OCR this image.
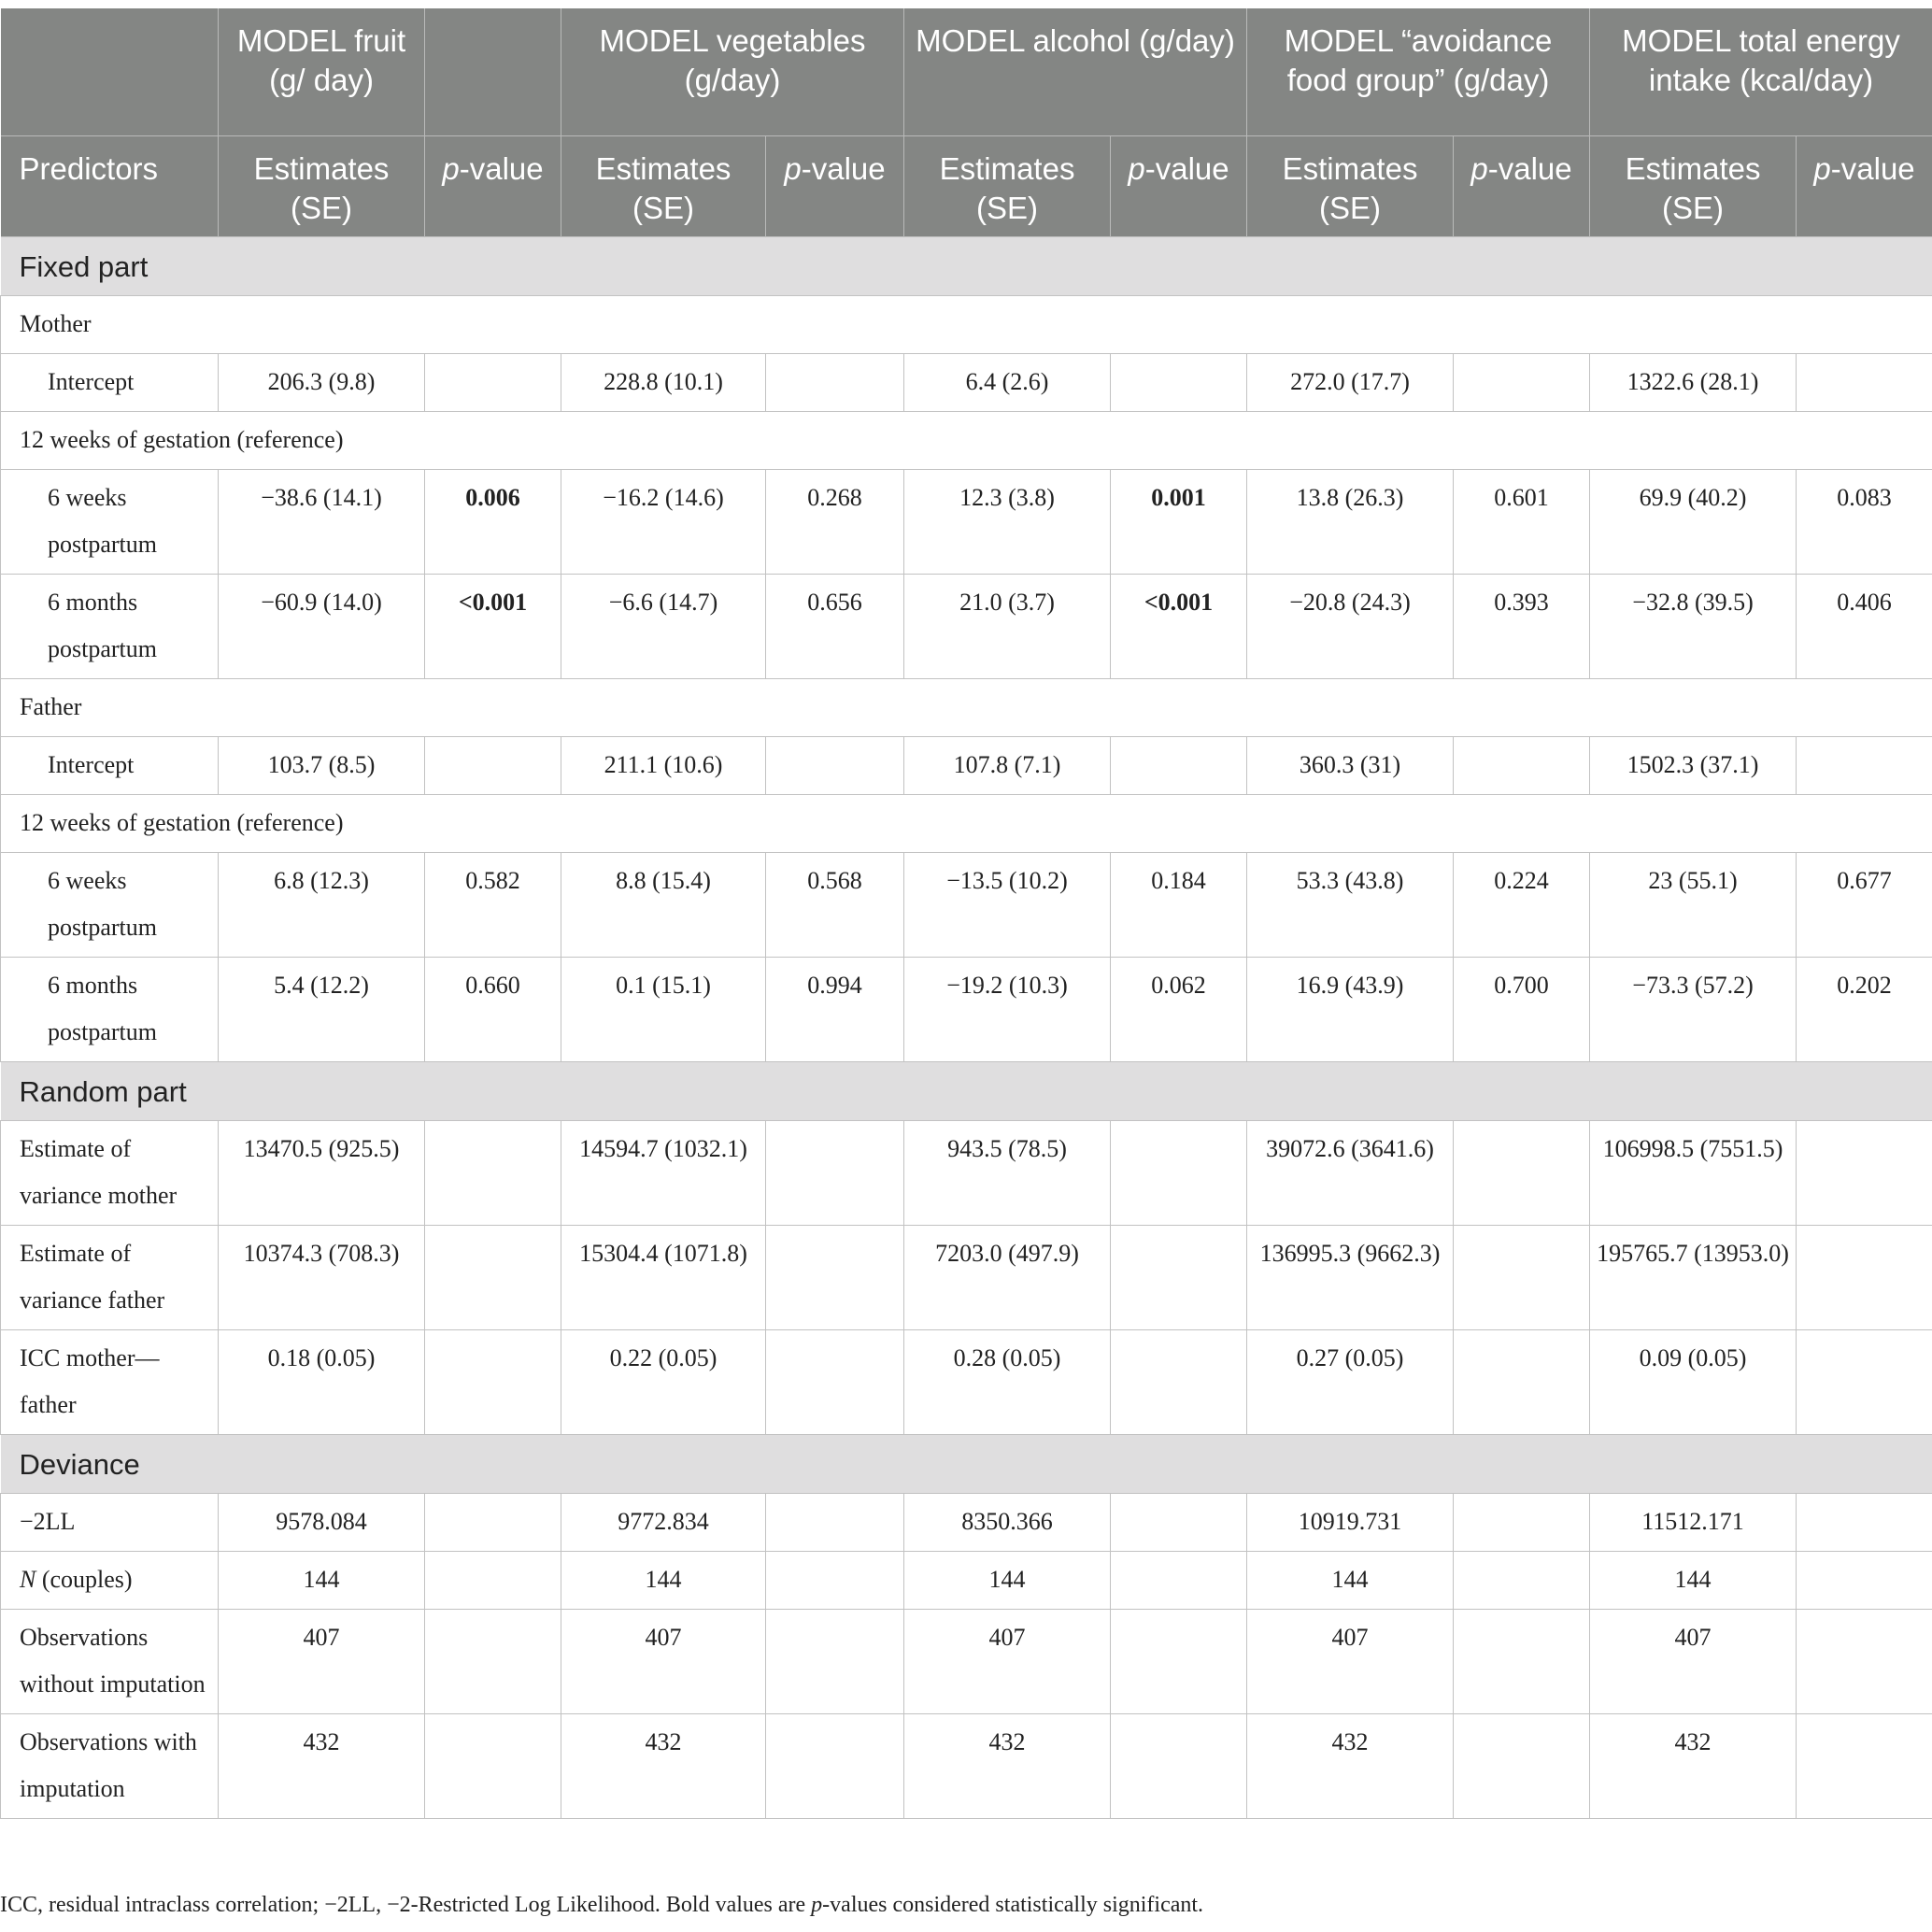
	MODEL fruit (g/ day)		MODEL vegetables (g/day)		MODEL alcohol (g/day)		MODEL “avoidance food group” (g/day)		MODEL total energy intake (kcal/day)	
Predictors	Estimates (SE)	p-value	Estimates (SE)	p-value	Estimates (SE)	p-value	Estimates (SE)	p-value	Estimates (SE)	p-value
Fixed part										
Mother										
Intercept	206.3 (9.8)		228.8 (10.1)		6.4 (2.6)		272.0 (17.7)		1322.6 (28.1)	
12 weeks of gestation (reference)										
6 weeks postpartum	−38.6 (14.1)	0.006	−16.2 (14.6)	0.268	12.3 (3.8)	0.001	13.8 (26.3)	0.601	69.9 (40.2)	0.083
6 months postpartum	−60.9 (14.0)	<0.001	−6.6 (14.7)	0.656	21.0 (3.7)	<0.001	−20.8 (24.3)	0.393	−32.8 (39.5)	0.406
Father										
Intercept	103.7 (8.5)		211.1 (10.6)		107.8 (7.1)		360.3 (31)		1502.3 (37.1)	
12 weeks of gestation (reference)										
6 weeks postpartum	6.8 (12.3)	0.582	8.8 (15.4)	0.568	−13.5 (10.2)	0.184	53.3 (43.8)	0.224	23 (55.1)	0.677
6 months postpartum	5.4 (12.2)	0.660	0.1 (15.1)	0.994	−19.2 (10.3)	0.062	16.9 (43.9)	0.700	−73.3 (57.2)	0.202
Random part										
Estimate of variance mother	13470.5 (925.5)		14594.7 (1032.1)		943.5 (78.5)		39072.6 (3641.6)		106998.5 (7551.5)	
Estimate of variance father	10374.3 (708.3)		15304.4 (1071.8)		7203.0 (497.9)		136995.3 (9662.3)		195765.7 (13953.0)	
ICC mother—father	0.18 (0.05)		0.22 (0.05)		0.28 (0.05)		0.27 (0.05)		0.09 (0.05)	
Deviance										
−2LL	9578.084		9772.834		8350.366		10919.731		11512.171	
N (couples)	144		144		144		144		144	
Observations without imputation	407		407		407		407		407	
Observations with imputation	432		432		432		432		432	
ICC, residual intraclass correlation; −2LL, −2-Restricted Log Likelihood. Bold values are p-values considered statistically significant.
